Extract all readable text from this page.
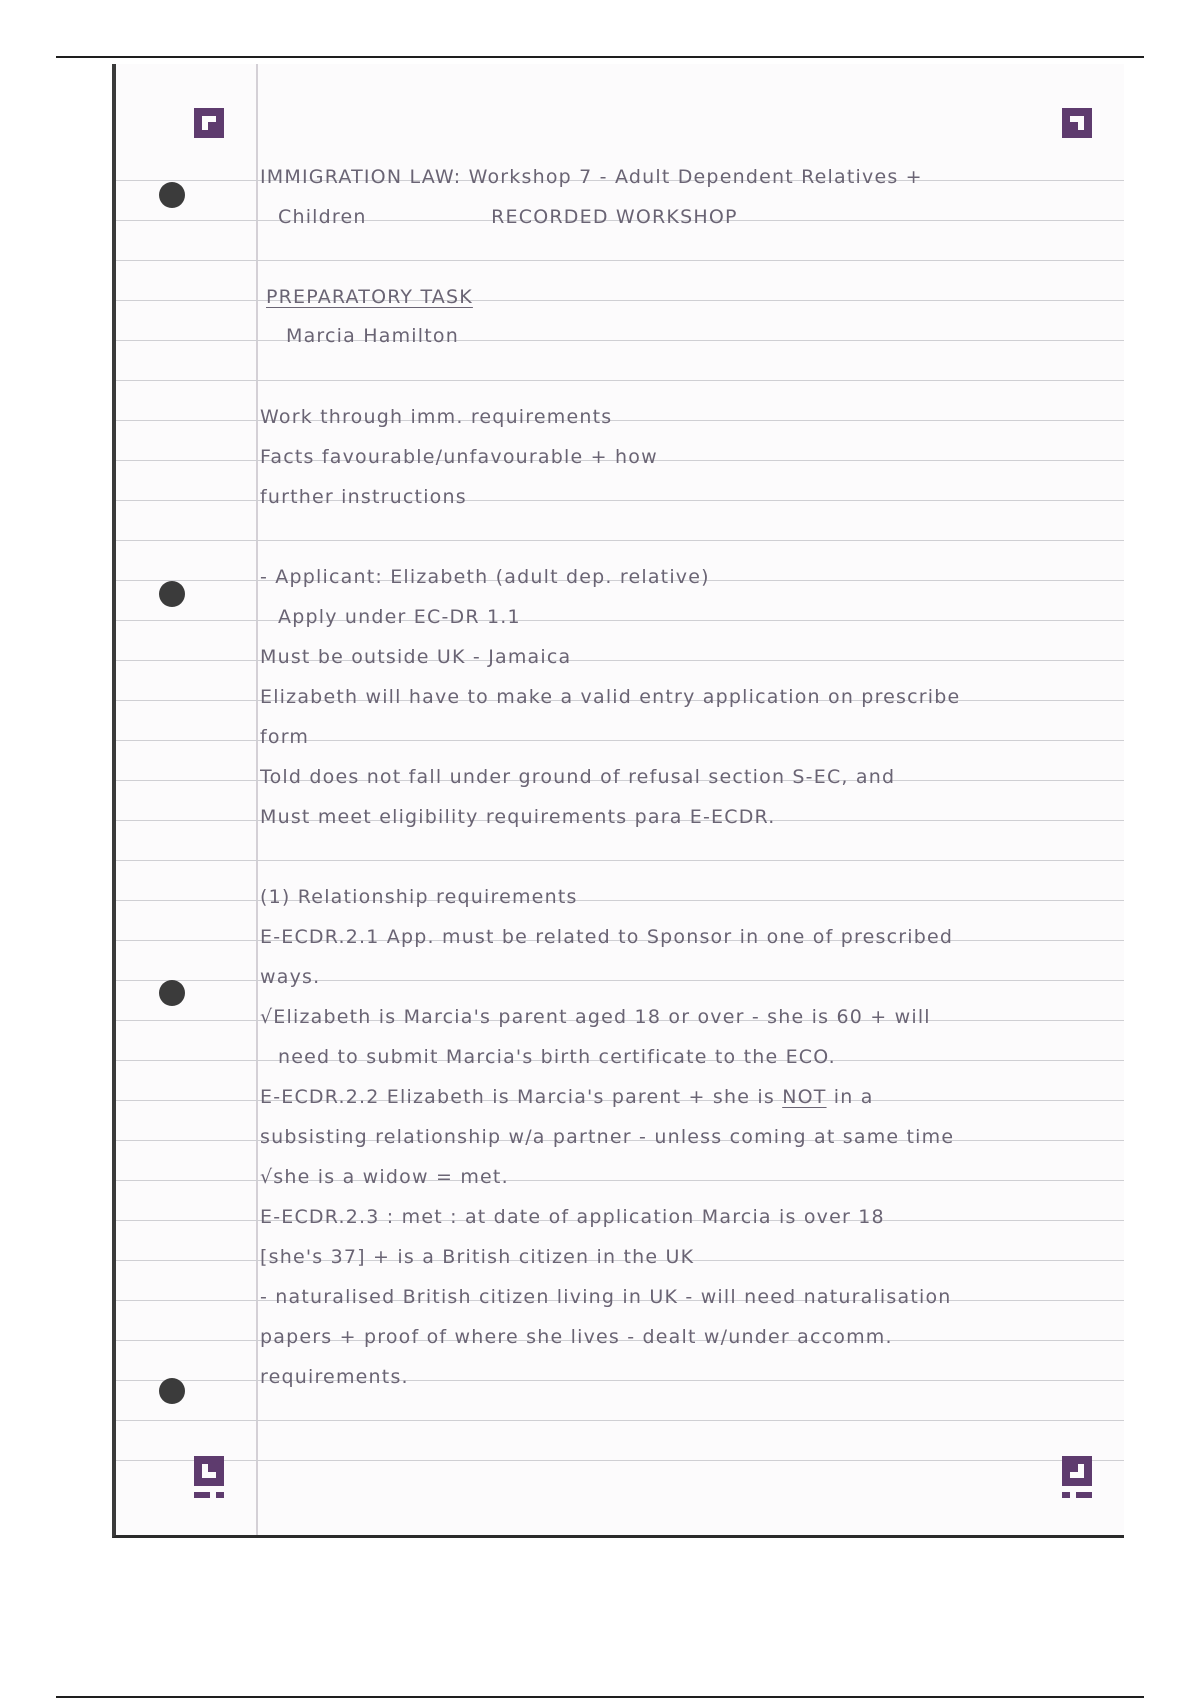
IMMIGRATION LAW: Workshop 7 - Adult Dependent Relatives +
Children	RECORDED WORKSHOP
PREPARATORY TASK
Marcia Hamilton
Work through imm. requirements
Facts favourable/unfavourable + how
further instructions
- Applicant: Elizabeth (adult dep. relative)
Apply under EC-DR 1.1
Must be outside UK - Jamaica
Elizabeth will have to make a valid entry application on prescribe
form
Told does not fall under ground of refusal section S-EC, and
Must meet eligibility requirements para E-ECDR.
(1) Relationship requirements
E-ECDR.2.1 App. must be related to Sponsor in one of prescribed
ways.
√Elizabeth is Marcia's parent aged 18 or over - she is 60 + will
need to submit Marcia's birth certificate to the ECO.
E-ECDR.2.2 Elizabeth is Marcia's parent + she is NOT in a
subsisting relationship w/a partner - unless coming at same time
√she is a widow = met.
E-ECDR.2.3 : met : at date of application Marcia is over 18
[she's 37] + is a British citizen in the UK
- naturalised British citizen living in UK - will need naturalisation
papers + proof of where she lives - dealt w/under accomm.
requirements.
